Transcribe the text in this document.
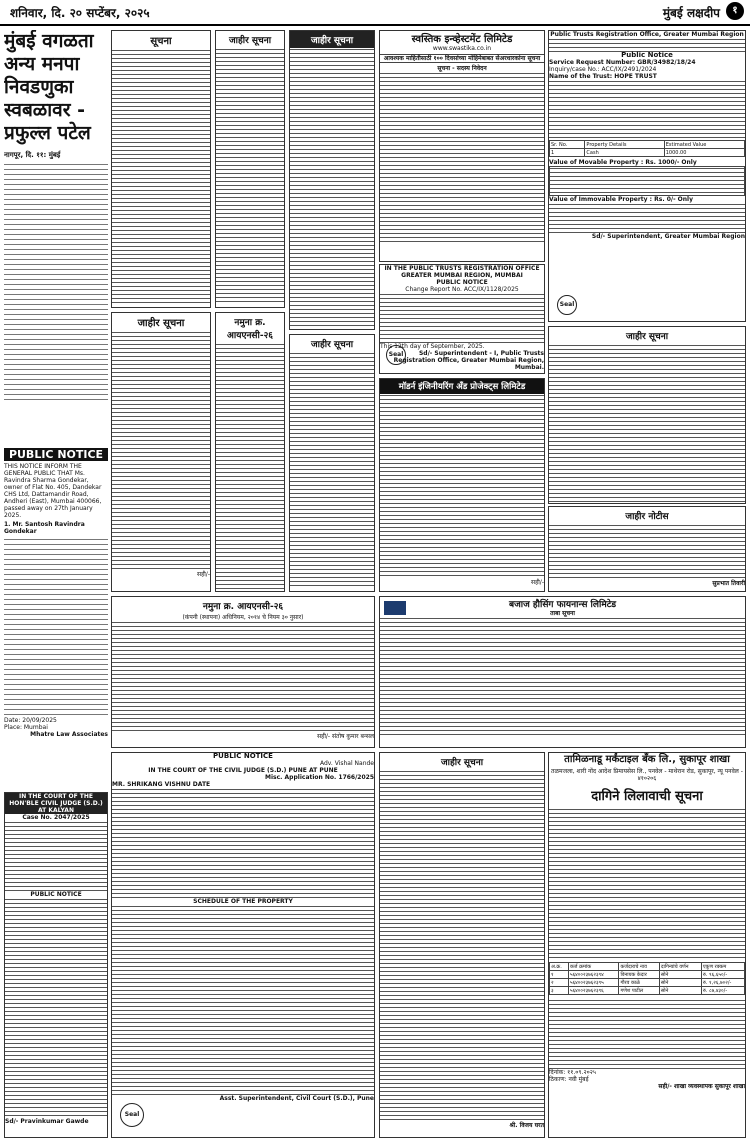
शनिवार, दि. २० सप्टेंबर, २०२५	मुंबई लक्षदीप	१
मुंबई वगळता अन्य मनपा निवडणुका स्वबळावर - प्रफुल्ल पटेल
नागपूर, दि. ११: मुंबई
PUBLIC NOTICE
THIS NOTICE INFORM THE GENERAL PUBLIC THAT Ms. Ravindra Sharma Gondekar, owner of Flat No. 405, Dandekar CHS Ltd, Dattamandir Road, Andheri (East), Mumbai 400066, passed away on 27th January 2025.
1. Mr. Santosh Ravindra Gondekar
Date: 20/09/2025
Place: Mumbai
Mhatre Law Associates
IN THE COURT OF THE HON'BLE CIVIL JUDGE (S.D.) AT KALYAN
Case No. 2047/2025
PUBLIC NOTICE
Sd/- Pravinkumar Gawde
सूचना
जाहीर सूचना
सही/-
जाहीर सूचना
नमुना क्र. आयएनसी-२६
जाहीर सूचना
जाहीर सूचना
स्वस्तिक इन्व्हेस्टमेंट लिमिटेड
www.swastika.co.in
आवश्यक माहितीसाठी १०० दिवसांच्या मोहिमेबाबत सेअरधारकांना सूचना
सूचना - सदस्य निवेदन
IN THE PUBLIC TRUSTS REGISTRATION OFFICE GREATER MUMBAI REGION, MUMBAI
PUBLIC NOTICE
Change Report No. ACC/IX/1128/2025
This 12th day of September, 2025.
Sd/- Superintendent - I, Public Trusts Registration Office, Greater Mumbai Region, Mumbai.
Seal
मॉडर्न इंजिनीयरिंग अँड प्रोजेक्ट्स लिमिटेड
सही/-
Public Trusts Registration Office, Greater Mumbai Region
Public Notice
Service Request Number: GBR/34982/18/24
Inquiry/case No.: ACC/IX/2491/2024
Name of the Trust: HOPE TRUST
Sr. No.	Property Details	Estimated Value
1	Cash	1000.00
Value of Movable Property : Rs. 1000/- Only
Value of Immovable Property : Rs. 0/- Only
Sd/- Superintendent, Greater Mumbai Region
Seal
जाहीर सूचना
जाहीर नोटीस
सुप्रभात तिवारी
नमुना क्र. आयएनसी-२६
(कंपनी (स्थापना) अधिनियम, २०१४ चे नियम ३० नुसार)
सही/- संतोष कुमार बन्सल
बजाज हौसिंग फायनान्स लिमिटेड
ताबा सूचना
PUBLIC NOTICE
Adv. Vishal Nande
IN THE COURT OF THE CIVIL JUDGE (S.D.) PUNE AT PUNE
Misc. Application No. 1766/2025
MR. SHRIKANG VISHNU DATE
SCHEDULE OF THE PROPERTY
Asst. Superintendent, Civil Court (S.D.), Pune
Seal
जाहीर सूचना
श्री. विजय घरत
तामिळनाडू मर्कंटाइल बँक लि., सुकापूर शाखा
तळमजला, शारी नोंद आदेश प्रिमायसेस लि., पनवेल - माथेरान रोड, सुकापूर, न्यू पनवेल - ४१०२०६
दागिने लिलावाची सूचना
अ.क्र.	कर्ज क्रमांक	कर्जदाराचे नाव	दागिन्यांचे वर्णन	एकूण रक्कम
१	५६४००२३७६२३९४	विनायक केदार	सोने	रु. ९६,६५०/-
२	५६४००२३७६२३९५	गौरव काळे	सोने	रु. १,२६,७०२/-
३	५६४००२३७६२३९६	गणेश पाटील	सोने	रु. ८७,४३०/-
दिनांक: ११.०९.२०२५
ठिकाण: नवी मुंबई
सही/- शाखा व्यवस्थापक सुकापूर शाखा
